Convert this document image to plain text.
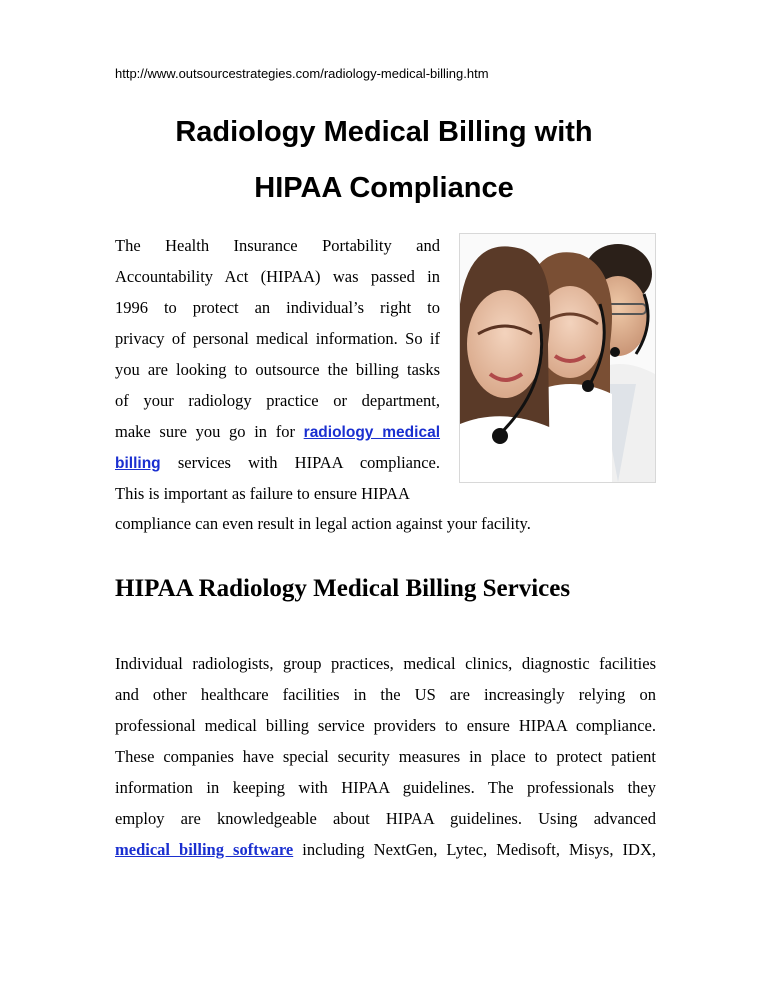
http://www.outsourcestrategies.com/radiology-medical-billing.htm
Radiology Medical Billing with
HIPAA Compliance
The Health Insurance Portability and
Accountability Act (HIPAA) was passed in
1996 to protect an individual’s right to
privacy of personal medical information. So if
you are looking to outsource the billing tasks
of your radiology practice or department,
make sure you go in for radiology medical
billing services with HIPAA compliance.
This is important as failure to ensure HIPAA
compliance can even result in legal action against your facility.
HIPAA Radiology Medical Billing Services
Individual radiologists, group practices, medical clinics, diagnostic facilities
and other healthcare facilities in the US are increasingly relying on
professional medical billing service providers to ensure HIPAA compliance.
These companies have special security measures in place to protect patient
information in keeping with HIPAA guidelines. The professionals they
employ are knowledgeable about HIPAA guidelines. Using advanced
medical billing software including NextGen, Lytec, Medisoft, Misys, IDX,
